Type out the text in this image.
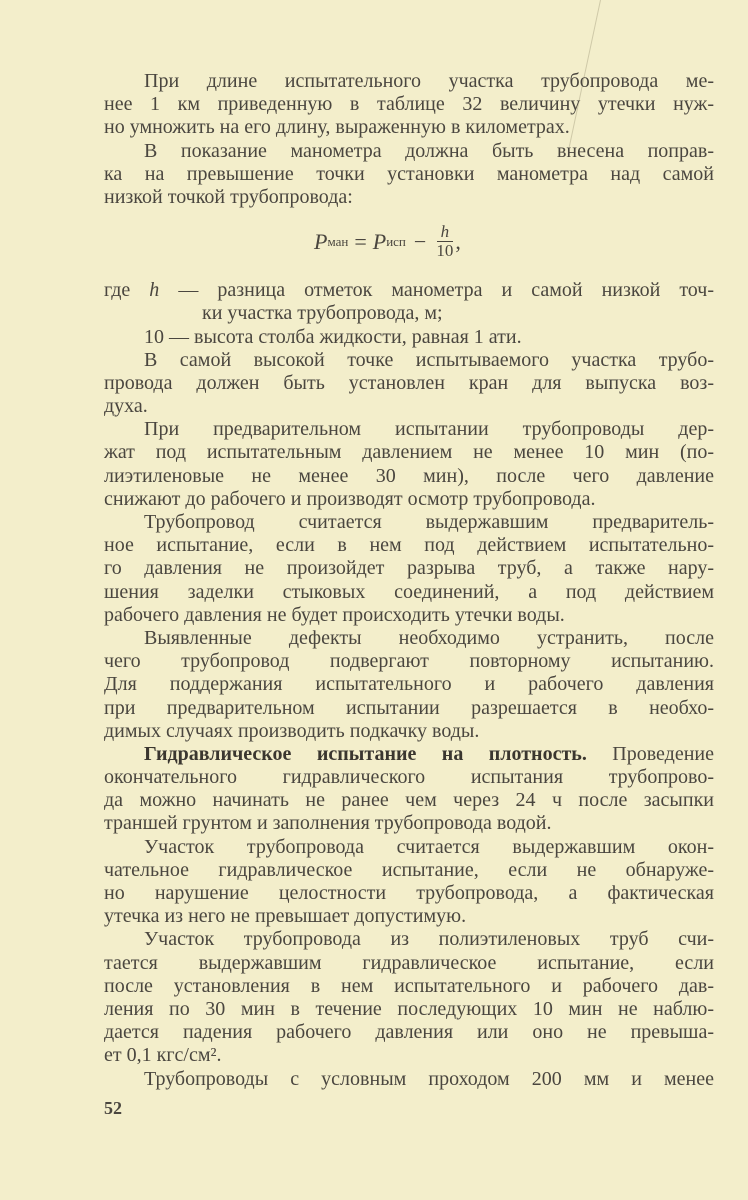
При длине испытательного участка трубопровода ме-
нее 1 км приведенную в таблице 32 величину утечки нуж-
но умножить на его длину, выраженную в километрах.
В показание манометра должна быть внесена поправ-
ка на превышение точки установки манометра над самой
низкой точкой трубопровода:
P ман = P исп − $\frac{h}{10}$ ,
где h — разница отметок манометра и самой низкой точ-
ки участка трубопровода, м;
10 — высота столба жидкости, равная 1 ати.
В самой высокой точке испытываемого участка трубо-
провода должен быть установлен кран для выпуска воз-
духа.
При предварительном испытании трубопроводы дер-
жат под испытательным давлением не менее 10 мин (по-
лиэтиленовые не менее 30 мин), после чего давление
снижают до рабочего и производят осмотр трубопровода.
Трубопровод считается выдержавшим предваритель-
ное испытание, если в нем под действием испытательно-
го давления не произойдет разрыва труб, а также нару-
шения заделки стыковых соединений, а под действием
рабочего давления не будет происходить утечки воды.
Выявленные дефекты необходимо устранить, после
чего трубопровод подвергают повторному испытанию.
Для поддержания испытательного и рабочего давления
при предварительном испытании разрешается в необхо-
димых случаях производить подкачку воды.
Гидравлическое испытание на плотность. Проведение
окончательного гидравлического испытания трубопрово-
да можно начинать не ранее чем через 24 ч после засыпки
траншей грунтом и заполнения трубопровода водой.
Участок трубопровода считается выдержавшим окон-
чательное гидравлическое испытание, если не обнаруже-
но нарушение целостности трубопровода, а фактическая
утечка из него не превышает допустимую.
Участок трубопровода из полиэтиленовых труб счи-
тается выдержавшим гидравлическое испытание, если
после установления в нем испытательного и рабочего дав-
ления по 30 мин в течение последующих 10 мин не наблю-
дается падения рабочего давления или оно не превыша-
ет 0,1 кгс/см².
Трубопроводы с условным проходом 200 мм и менее
52
